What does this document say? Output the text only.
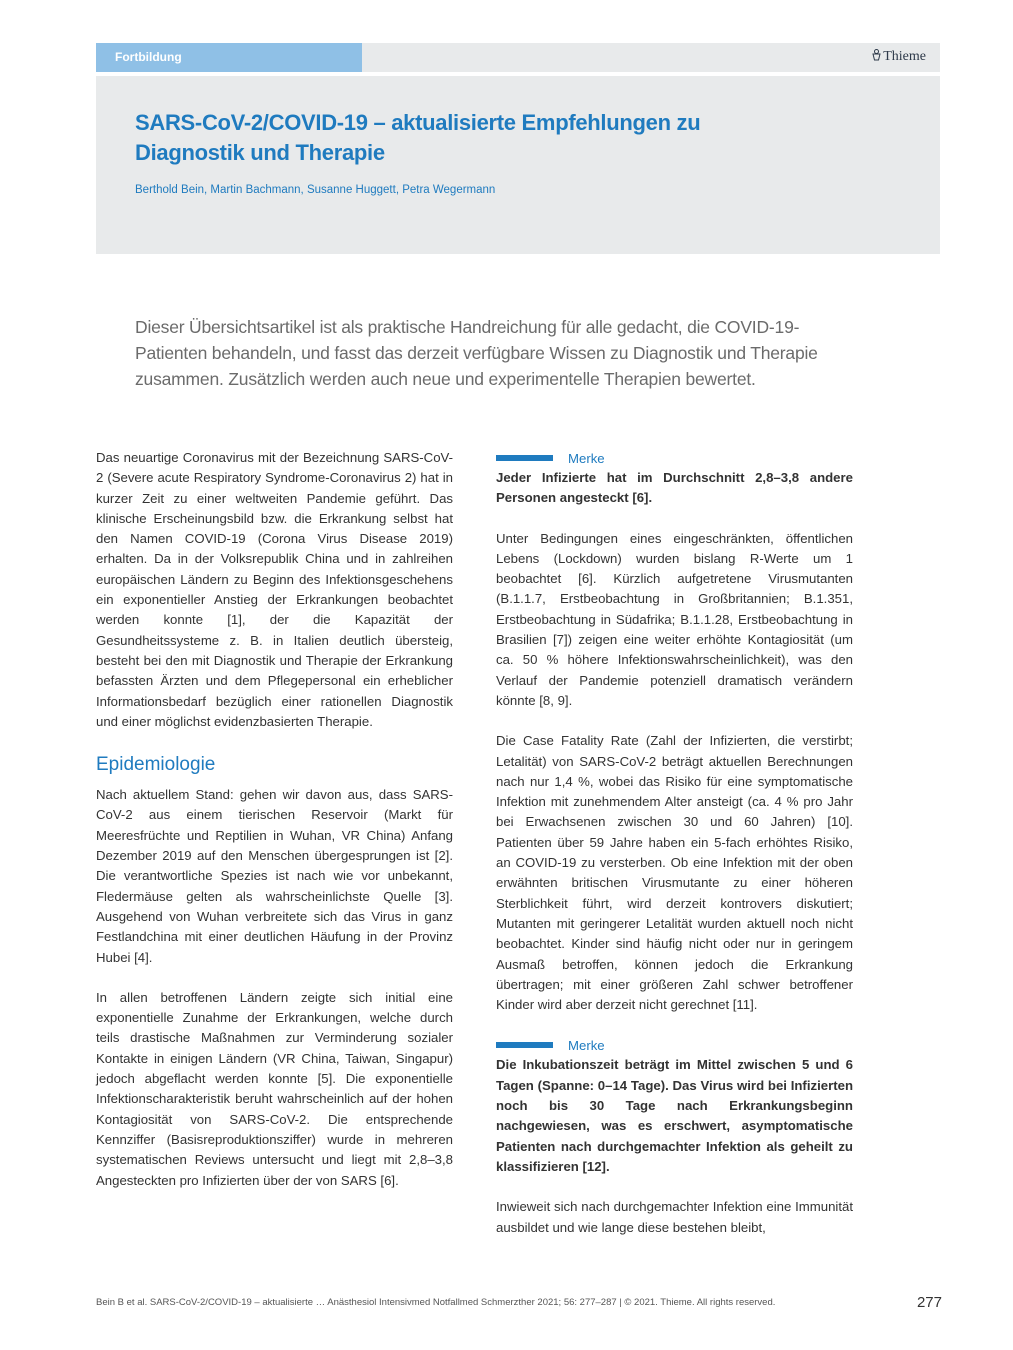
Fortbildung	Thieme
SARS-CoV-2/COVID-19 – aktualisierte Empfehlungen zu Diagnostik und Therapie
Berthold Bein, Martin Bachmann, Susanne Huggett, Petra Wegermann

Dieser Übersichtsartikel ist als praktische Handreichung für alle gedacht, die COVID-19-Patienten behandeln, und fasst das derzeit verfügbare Wissen zu Diagnostik und Therapie zusammen. Zusätzlich werden auch neue und experimentelle Therapien bewertet.

Das neuartige Coronavirus mit der Bezeichnung SARS-CoV-2 (Severe acute Respiratory Syndrome-Coronavirus 2) hat in kurzer Zeit zu einer weltweiten Pandemie geführt. Das klinische Erscheinungsbild bzw. die Erkrankung selbst hat den Namen COVID-19 (Corona Virus Disease 2019) erhalten. Da in der Volksrepublik China und in zahlreihen europäischen Ländern zu Beginn des Infektionsgeschehens ein exponentieller Anstieg der Erkrankungen beobachtet werden konnte [1], der die Kapazität der Gesundheitssysteme z. B. in Italien deutlich übersteig, besteht bei den mit Diagnostik und Therapie der Erkrankung befassten Ärzten und dem Pflegepersonal ein erheblicher Informationsbedarf bezüglich einer rationellen Diagnostik und einer möglichst evidenzbasierten Therapie.

Epidemiologie

Nach aktuellem Stand: gehen wir davon aus, dass SARS-CoV-2 aus einem tierischen Reservoir (Markt für Meeresfrüchte und Reptilien in Wuhan, VR China) Anfang Dezember 2019 auf den Menschen übergesprungen ist [2]. Die verantwortliche Spezies ist nach wie vor unbekannt, Fledermäuse gelten als wahrscheinlichste Quelle [3]. Ausgehend von Wuhan verbreitete sich das Virus in ganz Festlandchina mit einer deutlichen Häufung in der Provinz Hubei [4].

In allen betroffenen Ländern zeigte sich initial eine exponentielle Zunahme der Erkrankungen, welche durch teils drastische Maßnahmen zur Verminderung sozialer Kontakte in einigen Ländern (VR China, Taiwan, Singapur) jedoch abgeflacht werden konnte [5]. Die exponentielle Infektionscharakteristik beruht wahrscheinlich auf der hohen Kontagiosität von SARS-CoV-2. Die entsprechende Kennziffer (Basisreproduktionsziffer) wurde in mehreren systematischen Reviews untersucht und liegt mit 2,8–3,8 Angesteckten pro Infizierten über der von SARS [6].

Merke

Jeder Infizierte hat im Durchschnitt 2,8–3,8 andere Personen angesteckt [6].

Unter Bedingungen eines eingeschränkten, öffentlichen Lebens (Lockdown) wurden bislang R-Werte um 1 beobachtet [6]. Kürzlich aufgetretene Virusmutanten (B.1.1.7, Erstbeobachtung in Großbritannien; B.1.351, Erstbeobachtung in Südafrika; B.1.1.28, Erstbeobachtung in Brasilien [7]) zeigen eine weiter erhöhte Kontagiosität (um ca. 50 % höhere Infektionswahrscheinlichkeit), was den Verlauf der Pandemie potenziell dramatisch verändern könnte [8, 9].

Die Case Fatality Rate (Zahl der Infizierten, die verstirbt; Letalität) von SARS-CoV-2 beträgt aktuellen Berechnungen nach nur 1,4 %, wobei das Risiko für eine symptomatische Infektion mit zunehmendem Alter ansteigt (ca. 4 % pro Jahr bei Erwachsenen zwischen 30 und 60 Jahren) [10]. Patienten über 59 Jahre haben ein 5-fach erhöhtes Risiko, an COVID-19 zu versterben. Ob eine Infektion mit der oben erwähnten britischen Virusmutante zu einer höheren Sterblichkeit führt, wird derzeit kontrovers diskutiert; Mutanten mit geringerer Letalität wurden aktuell noch nicht beobachtet. Kinder sind häufig nicht oder nur in geringem Ausmaß betroffen, können jedoch die Erkrankung übertragen; mit einer größeren Zahl schwer betroffener Kinder wird aber derzeit nicht gerechnet [11].

Merke

Die Inkubationszeit beträgt im Mittel zwischen 5 und 6 Tagen (Spanne: 0–14 Tage). Das Virus wird bei Infizierten noch bis 30 Tage nach Erkrankungsbeginn nachgewiesen, was es erschwert, asymptomatische Patienten nach durchgemachter Infektion als geheilt zu klassifizieren [12].

Inwieweit sich nach durchgemachter Infektion eine Immunität ausbildet und wie lange diese bestehen bleibt,

Bein B et al. SARS-CoV-2/COVID-19 – aktualisierte … Anästhesiol Intensivmed Notfallmed Schmerzther 2021; 56: 277–287 | © 2021. Thieme. All rights reserved.	277
